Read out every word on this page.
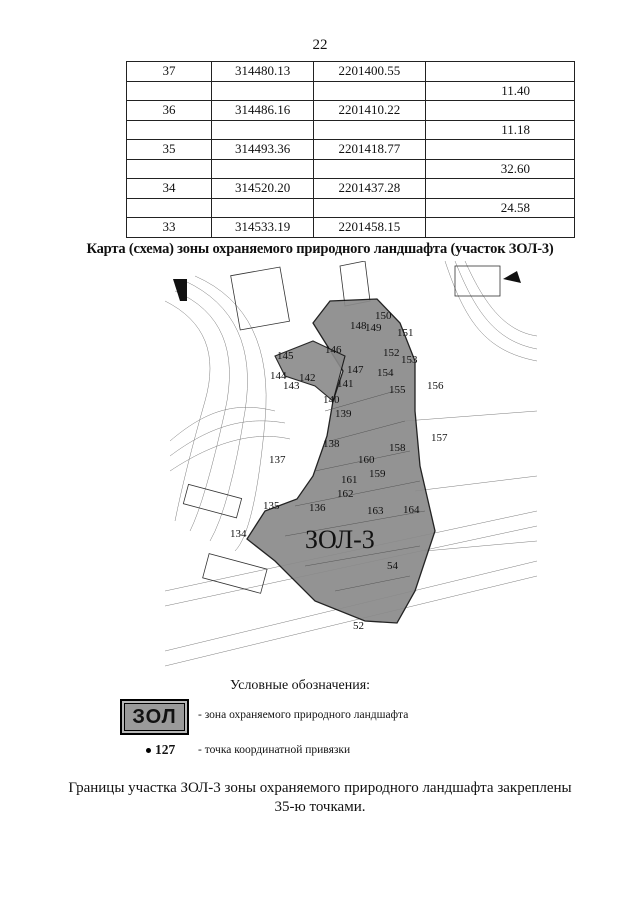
22
37	314480.13	2201400.55	
			11.40
36	314486.16	2201410.22	
			11.18
35	314493.36	2201418.77	
			32.60
34	314520.20	2201437.28	
			24.58
33	314533.19	2201458.15	
Карта (схема) зоны охраняемого природного ландшафта (участок ЗОЛ-3)
ЗОЛ-3
52
54
134
135	136
137
138
139
140
141
142
143
144
145	146
147
148
149
150
151
152
153
154
155 156
157
158
159
160
161
162
163 164
Условные обозначения:
ЗОЛ	- зона охраняемого природного ландшафта
127 - точка координатной привязки
Границы участка ЗОЛ-3 зоны охраняемого природного ландшафта закреплены
35-ю точками.
